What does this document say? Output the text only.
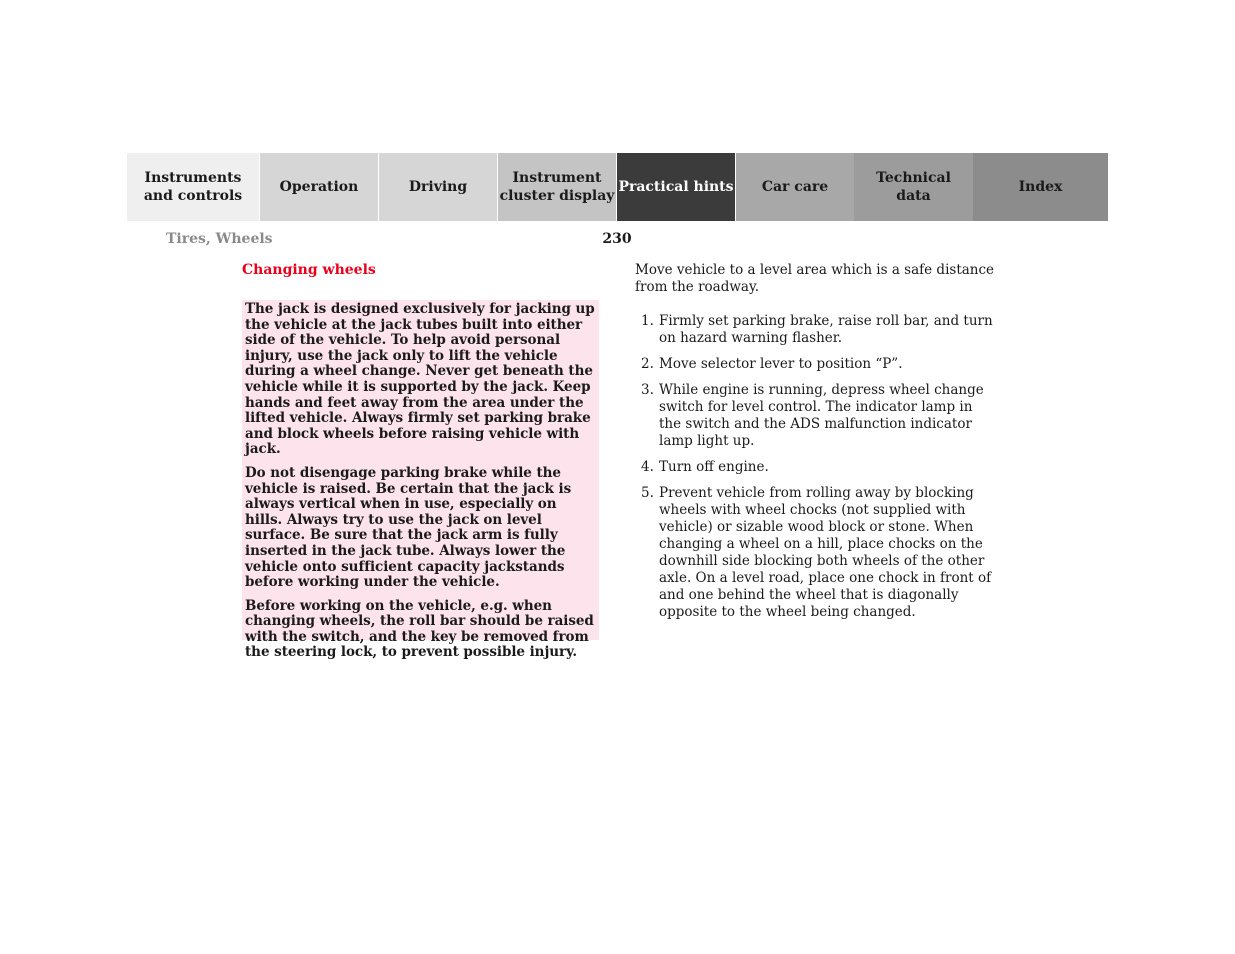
Instruments
and controls
Operation	Driving
Instrument
cluster display
Practical hints	Car care
Technical
data
Index
Tires, Wheels	230
Changing wheels

The jack is designed exclusively for jacking up the vehicle at the jack tubes built into either side of the vehicle. To help avoid personal injury, use the jack only to lift the vehicle during a wheel change. Never get beneath the vehicle while it is supported by the jack. Keep hands and feet away from the area under the lifted vehicle. Always firmly set parking brake and block wheels before raising vehicle with jack.

Do not disengage parking brake while the vehicle is raised. Be certain that the jack is always vertical when in use, especially on hills. Always try to use the jack on level surface. Be sure that the jack arm is fully inserted in the jack tube. Always lower the vehicle onto sufficient capacity jackstands before working under the vehicle.

Before working on the vehicle, e.g. when changing wheels, the roll bar should be raised with the switch, and the key be removed from the steering lock, to prevent possible injury.

Move vehicle to a level area which is a safe distance from the roadway.

1. Firmly set parking brake, raise roll bar, and turn on hazard warning flasher.
2. Move selector lever to position “P”.
3. While engine is running, depress wheel change switch for level control. The indicator lamp in the switch and the ADS malfunction indicator lamp light up.
4. Turn off engine.
5. Prevent vehicle from rolling away by blocking wheels with wheel chocks (not supplied with vehicle) or sizable wood block or stone. When changing a wheel on a hill, place chocks on the downhill side blocking both wheels of the other axle. On a level road, place one chock in front of and one behind the wheel that is diagonally opposite to the wheel being changed.
